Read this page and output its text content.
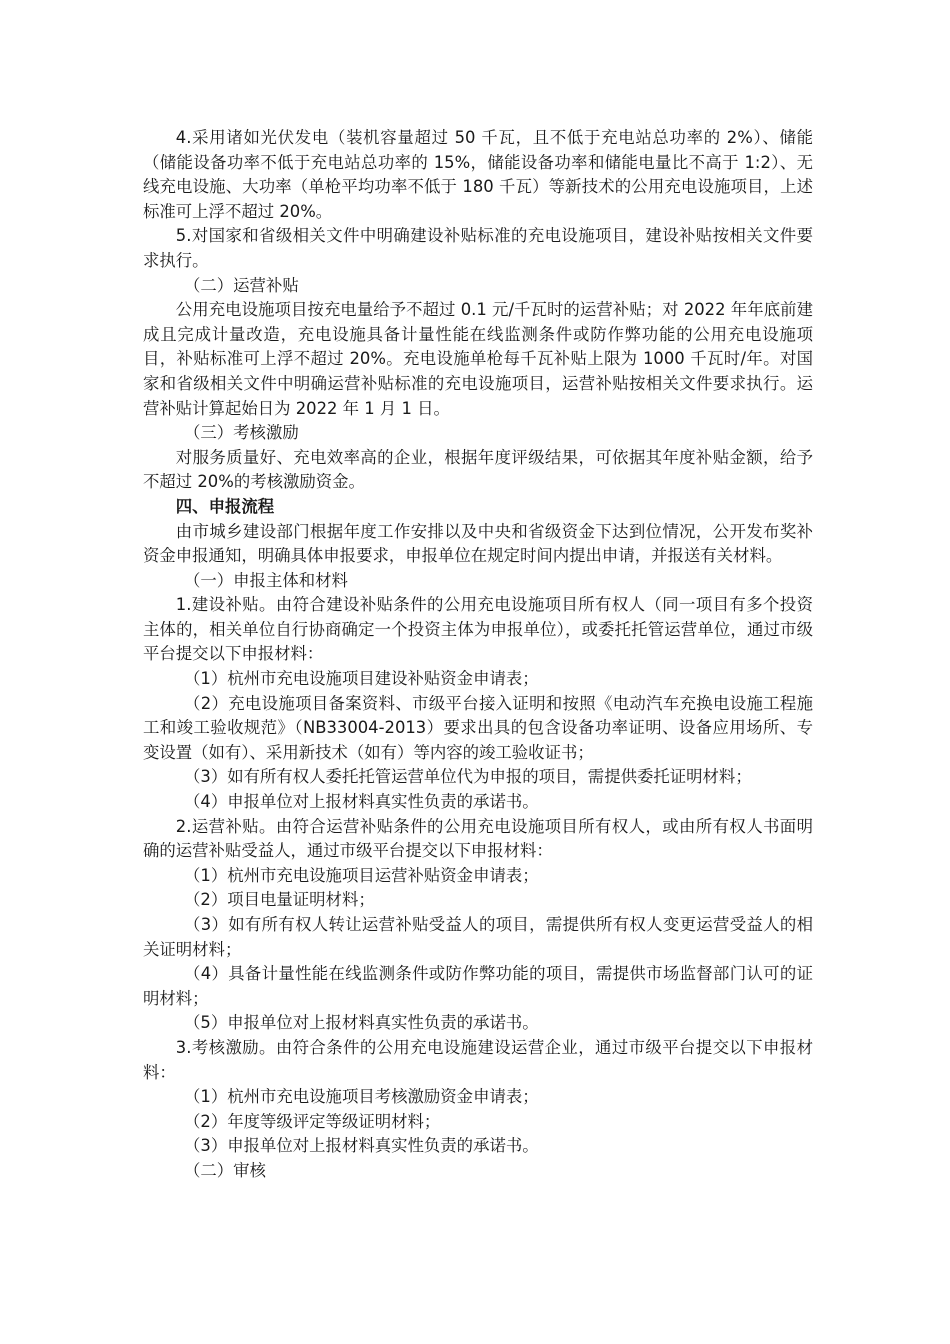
4.采用诸如光伏发电（装机容量超过 50 千瓦，且不低于充电站总功率的 2%）、储能（储能设备功率不低于充电站总功率的 15%，储能设备功率和储能电量比不高于 1:2）、无线充电设施、大功率（单枪平均功率不低于 180 千瓦）等新技术的公用充电设施项目，上述标准可上浮不超过 20%。

5.对国家和省级相关文件中明确建设补贴标准的充电设施项目，建设补贴按相关文件要求执行。

（二）运营补贴

公用充电设施项目按充电量给予不超过 0.1 元/千瓦时的运营补贴；对 2022 年年底前建成且完成计量改造，充电设施具备计量性能在线监测条件或防作弊功能的公用充电设施项目，补贴标准可上浮不超过 20%。充电设施单枪每千瓦补贴上限为 1000 千瓦时/年。对国家和省级相关文件中明确运营补贴标准的充电设施项目，运营补贴按相关文件要求执行。运营补贴计算起始日为 2022 年 1 月 1 日。

（三）考核激励

对服务质量好、充电效率高的企业，根据年度评级结果，可依据其年度补贴金额，给予不超过 20%的考核激励资金。

四、申报流程

由市城乡建设部门根据年度工作安排以及中央和省级资金下达到位情况，公开发布奖补资金申报通知，明确具体申报要求，申报单位在规定时间内提出申请，并报送有关材料。

（一）申报主体和材料

1.建设补贴。由符合建设补贴条件的公用充电设施项目所有权人（同一项目有多个投资主体的，相关单位自行协商确定一个投资主体为申报单位），或委托托管运营单位，通过市级平台提交以下申报材料：

（1）杭州市充电设施项目建设补贴资金申请表；

（2）充电设施项目备案资料、市级平台接入证明和按照《电动汽车充换电设施工程施工和竣工验收规范》（NB33004-2013）要求出具的包含设备功率证明、设备应用场所、专变设置（如有）、采用新技术（如有）等内容的竣工验收证书；

（3）如有所有权人委托托管运营单位代为申报的项目，需提供委托证明材料；

（4）申报单位对上报材料真实性负责的承诺书。

2.运营补贴。由符合运营补贴条件的公用充电设施项目所有权人，或由所有权人书面明确的运营补贴受益人，通过市级平台提交以下申报材料：

（1）杭州市充电设施项目运营补贴资金申请表；

（2）项目电量证明材料；

（3）如有所有权人转让运营补贴受益人的项目，需提供所有权人变更运营受益人的相关证明材料；

（4）具备计量性能在线监测条件或防作弊功能的项目，需提供市场监督部门认可的证明材料；

（5）申报单位对上报材料真实性负责的承诺书。

3.考核激励。由符合条件的公用充电设施建设运营企业，通过市级平台提交以下申报材料：

（1）杭州市充电设施项目考核激励资金申请表；

（2）年度等级评定等级证明材料；

（3）申报单位对上报材料真实性负责的承诺书。

（二）审核
